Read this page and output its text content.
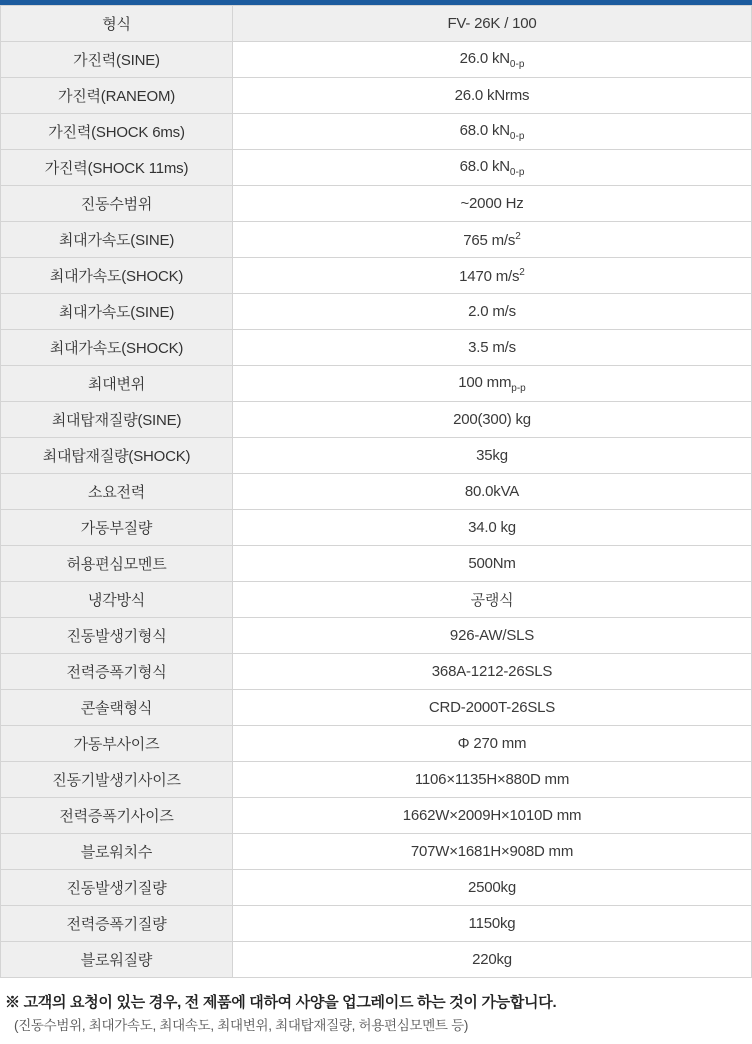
형식	FV- 26K / 100
가진력(SINE)	26.0 $kN_{0-p}$
가진력(RANEOM)	26.0 kNrms
가진력(SHOCK 6ms)	68.0 $kN_{0-p}$
가진력(SHOCK 11ms)	68.0 $kN_{0-p}$
진동수범위	~2000 Hz
최대가속도(SINE)	765 $m/s^2$
최대가속도(SHOCK)	1470 $m/s^2$
최대가속도(SINE)	2.0 m/s
최대가속도(SHOCK)	3.5 m/s
최대변위	100 $mm_{p-p}$
최대탑재질량(SINE)	200(300) kg
최대탑재질량(SHOCK)	35kg
소요전력	80.0kVA
가동부질량	34.0 kg
허용편심모멘트	500Nm
냉각방식	공랭식
진동발생기형식	926-AW/SLS
전력증폭기형식	368A-1212-26SLS
콘솔랙형식	CRD-2000T-26SLS
가동부사이즈	Φ 270 mm
진동기발생기사이즈	1106×1135H×880D mm
전력증폭기사이즈	1662W×2009H×1010D mm
블로워치수	707W×1681H×908D mm
진동발생기질량	2500kg
전력증폭기질량	1150kg
블로워질량	220kg
※ 고객의 요청이 있는 경우, 전 제품에 대하여 사양을 업그레이드 하는 것이 가능합니다.
(진동수범위, 최대가속도, 최대속도, 최대변위, 최대탑재질량, 허용편심모멘트 등)
